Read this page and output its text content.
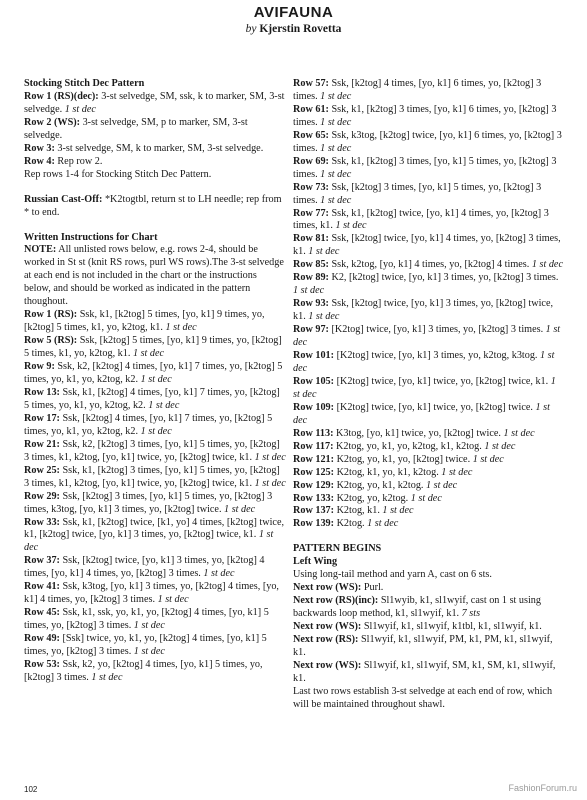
AVIFAUNA
by Kjerstin Rovetta

Stocking Stitch Dec Pattern

Row 1 (RS)(dec): 3-st selvedge, SM, ssk, k to marker, SM, 3-st selvedge. 1 st dec

Row 2 (WS): 3-st selvedge, SM, p to marker, SM, 3-st selvedge.

Row 3: 3-st selvedge, SM, k to marker, SM, 3-st selvedge.

Row 4: Rep row 2.

Rep rows 1-4 for Stocking Stitch Dec Pattern.

Russian Cast-Off: *K2togtbl, return st to LH needle; rep from * to end.

Written Instructions for Chart

NOTE: All unlisted rows below, e.g. rows 2-4, should be worked in St st (knit RS rows, purl WS rows).The 3-st selvedge at each end is not included in the chart or the instructions below, and should be worked as indicated in the pattern thoughout.

Row 1 (RS): Ssk, k1, [k2tog] 5 times, [yo, k1] 9 times, yo, [k2tog] 5 times, k1, yo, k2tog, k1. 1 st dec

Row 5 (RS): Ssk, [k2tog] 5 times, [yo, k1] 9 times, yo, [k2tog] 5 times, k1, yo, k2tog, k1. 1 st dec

Row 9: Ssk, k2, [k2tog] 4 times, [yo, k1] 7 times, yo, [k2tog] 5 times, yo, k1, yo, k2tog, k2. 1 st dec

Row 13: Ssk, k1, [k2tog] 4 times, [yo, k1] 7 times, yo, [k2tog] 5 times, yo, k1, yo, k2tog, k2. 1 st dec

Row 17: Ssk, [k2tog] 4 times, [yo, k1] 7 times, yo, [k2tog] 5 times, yo, k1, yo, k2tog, k2. 1 st dec

Row 21: Ssk, k2, [k2tog] 3 times, [yo, k1] 5 times, yo, [k2tog] 3 times, k1, k2tog, [yo, k1] twice, yo, [k2tog] twice, k1. 1 st dec

Row 25: Ssk, k1, [k2tog] 3 times, [yo, k1] 5 times, yo, [k2tog] 3 times, k1, k2tog, [yo, k1] twice, yo, [k2tog] twice, k1. 1 st dec

Row 29: Ssk, [k2tog] 3 times, [yo, k1] 5 times, yo, [k2tog] 3 times, k3tog, [yo, k1] 3 times, yo, [k2tog] twice. 1 st dec

Row 33: Ssk, k1, [k2tog] twice, [k1, yo] 4 times, [k2tog] twice, k1, [k2tog] twice, [yo, k1] 3 times, yo, [k2tog] twice, k1. 1 st dec

Row 37: Ssk, [k2tog] twice, [yo, k1] 3 times, yo, [k2tog] 4 times, [yo, k1] 4 times, yo, [k2tog] 3 times. 1 st dec

Row 41: Ssk, k3tog, [yo, k1] 3 times, yo, [k2tog] 4 times, [yo, k1] 4 times, yo, [k2tog] 3 times. 1 st dec

Row 45: Ssk, k1, ssk, yo, k1, yo, [k2tog] 4 times, [yo, k1] 5 times, yo, [k2tog] 3 times. 1 st dec

Row 49: [Ssk] twice, yo, k1, yo, [k2tog] 4 times, [yo, k1] 5 times, yo, [k2tog] 3 times. 1 st dec

Row 53: Ssk, k2, yo, [k2tog] 4 times, [yo, k1] 5 times, yo, [k2tog] 3 times. 1 st dec

Row 57: Ssk, [k2tog] 4 times, [yo, k1] 6 times, yo, [k2tog] 3 times. 1 st dec

Row 61: Ssk, k1, [k2tog] 3 times, [yo, k1] 6 times, yo, [k2tog] 3 times. 1 st dec

Row 65: Ssk, k3tog, [k2tog] twice, [yo, k1] 6 times, yo, [k2tog] 3 times. 1 st dec

Row 69: Ssk, k1, [k2tog] 3 times, [yo, k1] 5 times, yo, [k2tog] 3 times. 1 st dec

Row 73: Ssk, [k2tog] 3 times, [yo, k1] 5 times, yo, [k2tog] 3 times. 1 st dec

Row 77: Ssk, k1, [k2tog] twice, [yo, k1] 4 times, yo, [k2tog] 3 times, k1. 1 st dec

Row 81: Ssk, [k2tog] twice, [yo, k1] 4 times, yo, [k2tog] 3 times, k1. 1 st dec

Row 85: Ssk, k2tog, [yo, k1] 4 times, yo, [k2tog] 4 times. 1 st dec

Row 89: K2, [k2tog] twice, [yo, k1] 3 times, yo, [k2tog] 3 times. 1 st dec

Row 93: Ssk, [k2tog] twice, [yo, k1] 3 times, yo, [k2tog] twice, k1. 1 st dec

Row 97: [K2tog] twice, [yo, k1] 3 times, yo, [k2tog] 3 times. 1 st dec

Row 101: [K2tog] twice, [yo, k1] 3 times, yo, k2tog, k3tog. 1 st dec

Row 105: [K2tog] twice, [yo, k1] twice, yo, [k2tog] twice, k1. 1 st dec

Row 109: [K2tog] twice, [yo, k1] twice, yo, [k2tog] twice. 1 st dec

Row 113: K3tog, [yo, k1] twice, yo, [k2tog] twice. 1 st dec

Row 117: K2tog, yo, k1, yo, k2tog, k1, k2tog. 1 st dec

Row 121: K2tog, yo, k1, yo, [k2tog] twice. 1 st dec

Row 125: K2tog, k1, yo, k1, k2tog. 1 st dec

Row 129: K2tog, yo, k1, k2tog. 1 st dec

Row 133: K2tog, yo, k2tog. 1 st dec

Row 137: K2tog, k1. 1 st dec

Row 139: K2tog. 1 st dec

PATTERN BEGINS

Left Wing

Using long-tail method and yarn A, cast on 6 sts.

Next row (WS): Purl.

Next row (RS)(inc): Sl1wyib, k1, sl1wyif, cast on 1 st using backwards loop method, k1, sl1wyif, k1. 7 sts

Next row (WS): Sl1wyif, k1, sl1wyif, k1tbl, k1, sl1wyif, k1.

Next row (RS): Sl1wyif, k1, sl1wyif, PM, k1, PM, k1, sl1wyif, k1.

Next row (WS): Sl1wyif, k1, sl1wyif, SM, k1, SM, k1, sl1wyif, k1.

Last two rows establish 3-st selvedge at each end of row, which will be maintained throughout shawl.

102	FashionForum.ru
